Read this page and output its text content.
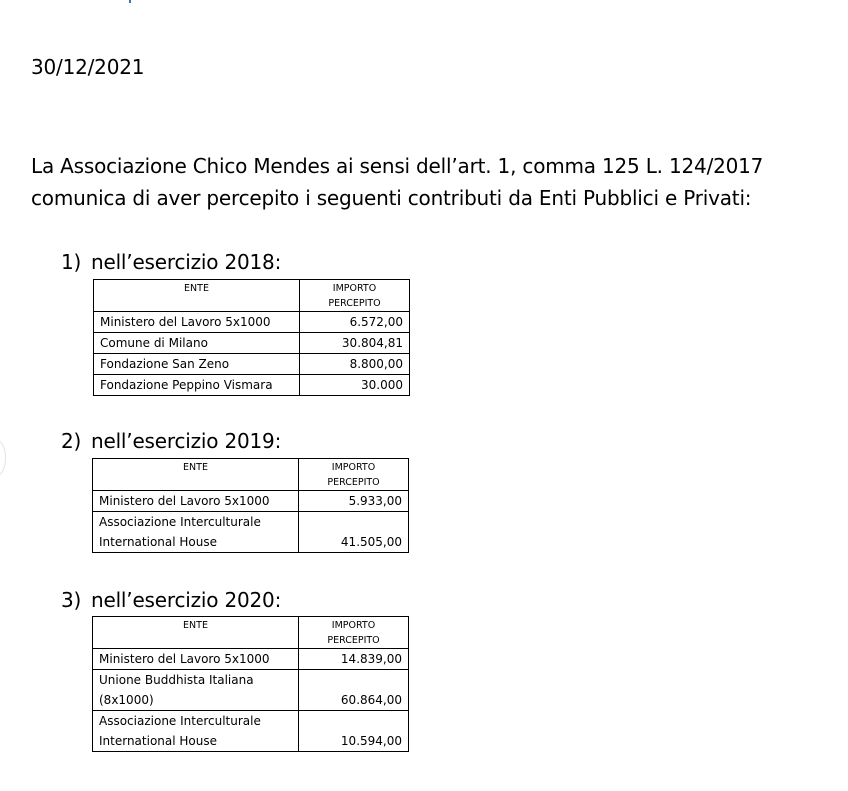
30/12/2021
La Associazione Chico Mendes ai sensi dell’art. 1, comma 125 L. 124/2017
comunica di aver percepito i seguenti contributi da Enti Pubblici e Privati:
1) nell’esercizio 2018:
ENTE	IMPORTO
PERCEPITO

Ministero del Lavoro 5x1000	6.572,00
Comune di Milano	30.804,81
Fondazione San Zeno	8.800,00
Fondazione Peppino Vismara	30.000
2) nell’esercizio 2019:
ENTE	IMPORTO
PERCEPITO

Ministero del Lavoro 5x1000	5.933,00

Associazione Interculturale
International House	41.505,00
3) nell’esercizio 2020:
ENTE	IMPORTO
PERCEPITO

Ministero del Lavoro 5x1000	14.839,00

Unione Buddhista Italiana
(8x1000)	60.864,00

Associazione Interculturale
International House	10.594,00
